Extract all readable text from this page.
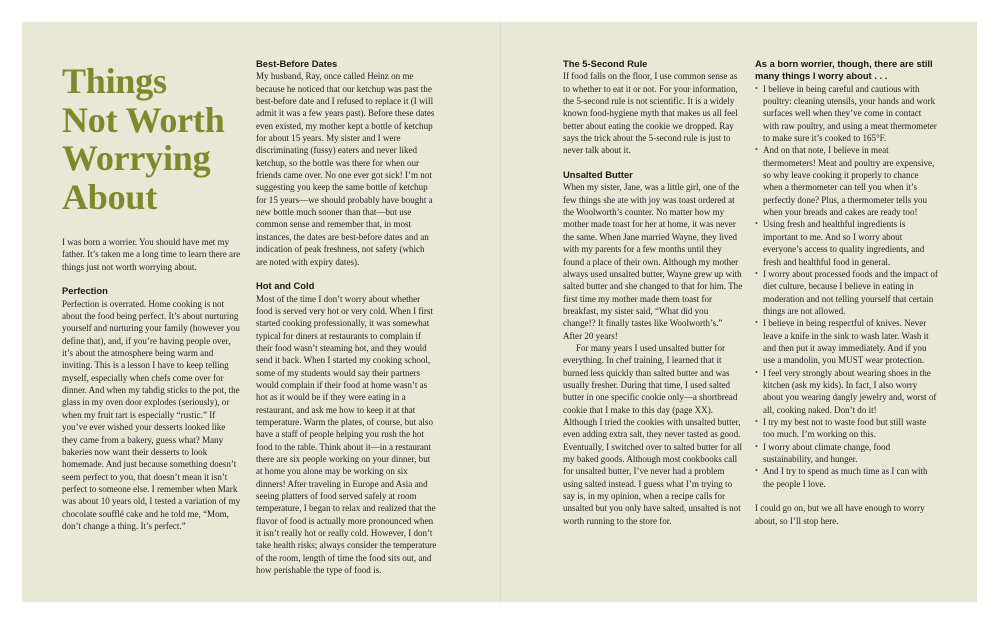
Things
Not Worth
Worrying
About

I was born a worrier. You should have met my father. It’s taken me a long time to learn there are things just not worth worrying about.

Perfection

Perfection is overrated. Home cooking is not about the food being perfect. It’s about nurturing yourself and nurturing your family (however you define that), and, if you’re having people over, it’s about the atmosphere being warm and inviting. This is a lesson I have to keep telling myself, especially when chefs come over for dinner. And when my tahdig sticks to the pot, the glass in my oven door explodes (seriously), or when my fruit tart is especially “rustic.” If you’ve ever wished your desserts looked like they came from a bakery, guess what? Many bakeries now want their desserts to look homemade. And just because something doesn’t seem perfect to you, that doesn’t mean it isn’t perfect to someone else. I remember when Mark was about 10 years old, I tested a variation of my chocolate soufflé cake and he told me, “Mom, don’t change a thing. It’s perfect.”

Best-Before Dates

My husband, Ray, once called Heinz on me because he noticed that our ketchup was past the best-before date and I refused to replace it (I will admit it was a few years past). Before these dates even existed, my mother kept a bottle of ketchup for about 15 years. My sister and I were discriminating (fussy) eaters and never liked ketchup, so the bottle was there for when our friends came over. No one ever got sick! I’m not suggesting you keep the same bottle of ketchup for 15 years—we should probably have bought a new bottle much sooner than that—but use common sense and remember that, in most instances, the dates are best-before dates and an indication of peak freshness, not safety (which are noted with expiry dates).

Hot and Cold

Most of the time I don’t worry about whether food is served very hot or very cold. When I first started cooking professionally, it was somewhat typical for diners at restaurants to complain if their food wasn’t steaming hot, and they would send it back. When I started my cooking school, some of my students would say their partners would complain if their food at home wasn’t as hot as it would be if they were eating in a restaurant, and ask me how to keep it at that temperature. Warm the plates, of course, but also have a staff of people helping you rush the hot food to the table. Think about it—in a restaurant there are six people working on your dinner, but at home you alone may be working on six dinners! After traveling in Europe and Asia and seeing platters of food served safely at room temperature, I began to relax and realized that the flavor of food is actually more pronounced when it isn’t really hot or really cold. However, I don’t take health risks; always consider the temperature of the room, length of time the food sits out, and how perishable the type of food is.

The 5-Second Rule

If food falls on the floor, I use common sense as to whether to eat it or not. For your information, the 5-second rule is not scientific. It is a widely known food-hygiene myth that makes us all feel better about eating the cookie we dropped. Ray says the trick about the 5-second rule is just to never talk about it.

Unsalted Butter

When my sister, Jane, was a little girl, one of the few things she ate with joy was toast ordered at the Woolworth’s counter. No matter how my mother made toast for her at home, it was never the same. When Jane married Wayne, they lived with my parents for a few months until they found a place of their own. Although my mother always used unsalted butter, Wayne grew up with salted butter and she changed to that for him. The first time my mother made them toast for breakfast, my sister said, “What did you change!? It finally tastes like Woolworth’s.” After 20 years!

For many years I used unsalted butter for everything. In chef training, I learned that it burned less quickly than salted butter and was usually fresher. During that time, I used salted butter in one specific cookie only—a shortbread cookie that I make to this day (page XX). Although I tried the cookies with unsalted butter, even adding extra salt, they never tasted as good. Eventually, I switched over to salted butter for all my baked goods. Although most cookbooks call for unsalted butter, I’ve never had a problem using salted instead. I guess what I’m trying to say is, in my opinion, when a recipe calls for unsalted but you only have salted, unsalted is not worth running to the store for.

As a born worrier, though, there are still many things I worry about . . .
• I believe in being careful and cautious with poultry: cleaning utensils, your hands and work surfaces well when they’ve come in contact with raw poultry, and using a meat thermometer to make sure it’s cooked to 165°F.
• And on that note, I believe in meat thermometers! Meat and poultry are expensive, so why leave cooking it properly to chance when a thermometer can tell you when it’s perfectly done? Plus, a thermometer tells you when your breads and cakes are ready too!
• Using fresh and healthful ingredients is important to me. And so I worry about everyone’s access to quality ingredients, and fresh and healthful food in general.
• I worry about processed foods and the impact of diet culture, because I believe in eating in moderation and not telling yourself that certain things are not allowed.
• I believe in being respectful of knives. Never leave a knife in the sink to wash later. Wash it and then put it away immediately. And if you use a mandolin, you MUST wear protection.
• I feel very strongly about wearing shoes in the kitchen (ask my kids). In fact, I also worry about you wearing dangly jewelry and, worst of all, cooking naked. Don’t do it!
• I try my best not to waste food but still waste too much. I’m working on this.
• I worry about climate change, food sustainability, and hunger.
• And I try to spend as much time as I can with the people I love.

I could go on, but we all have enough to worry about, so I’ll stop here.
